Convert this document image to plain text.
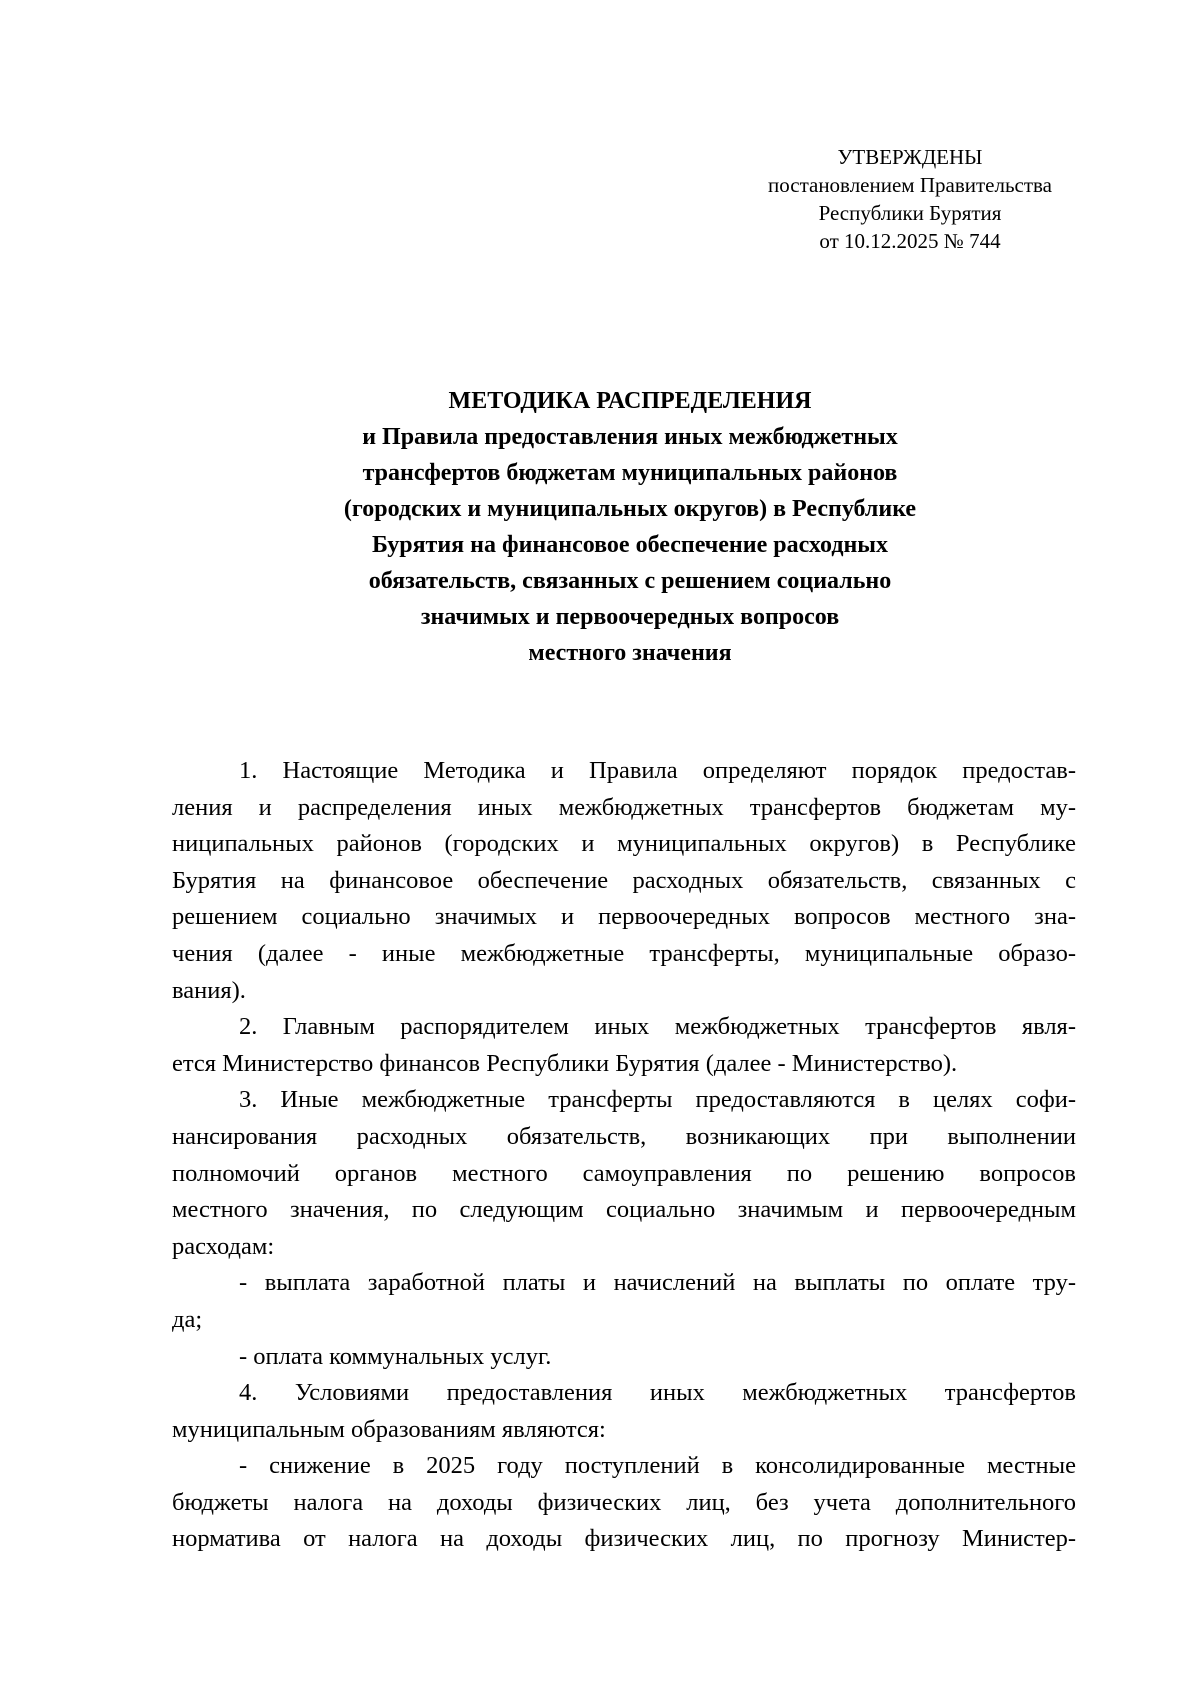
УТВЕРЖДЕНЫ
постановлением Правительства
Республики Бурятия
от 10.12.2025 № 744
МЕТОДИКА РАСПРЕДЕЛЕНИЯ
и Правила предоставления иных межбюджетных
трансфертов бюджетам муниципальных районов
(городских и муниципальных округов) в Республике
Бурятия на финансовое обеспечение расходных
обязательств, связанных с решением социально
значимых и первоочередных вопросов
местного значения
1. Настоящие Методика и Правила определяют порядок предостав-
ления и распределения иных межбюджетных трансфертов бюджетам му-
ниципальных районов (городских и муниципальных округов) в Республике
Бурятия на финансовое обеспечение расходных обязательств, связанных с
решением социально значимых и первоочередных вопросов местного зна-
чения (далее - иные межбюджетные трансферты, муниципальные образо-
вания).
2. Главным распорядителем иных межбюджетных трансфертов явля-
ется Министерство финансов Республики Бурятия (далее - Министерство).
3. Иные межбюджетные трансферты предоставляются в целях софи-
нансирования расходных обязательств, возникающих при выполнении
полномочий органов местного самоуправления по решению вопросов
местного значения, по следующим социально значимым и первоочередным
расходам:
- выплата заработной платы и начислений на выплаты по оплате тру-
да;
- оплата коммунальных услуг.
4. Условиями предоставления иных межбюджетных трансфертов
муниципальным образованиям являются:
- снижение в 2025 году поступлений в консолидированные местные
бюджеты налога на доходы физических лиц, без учета дополнительного
норматива от налога на доходы физических лиц, по прогнозу Министер-
